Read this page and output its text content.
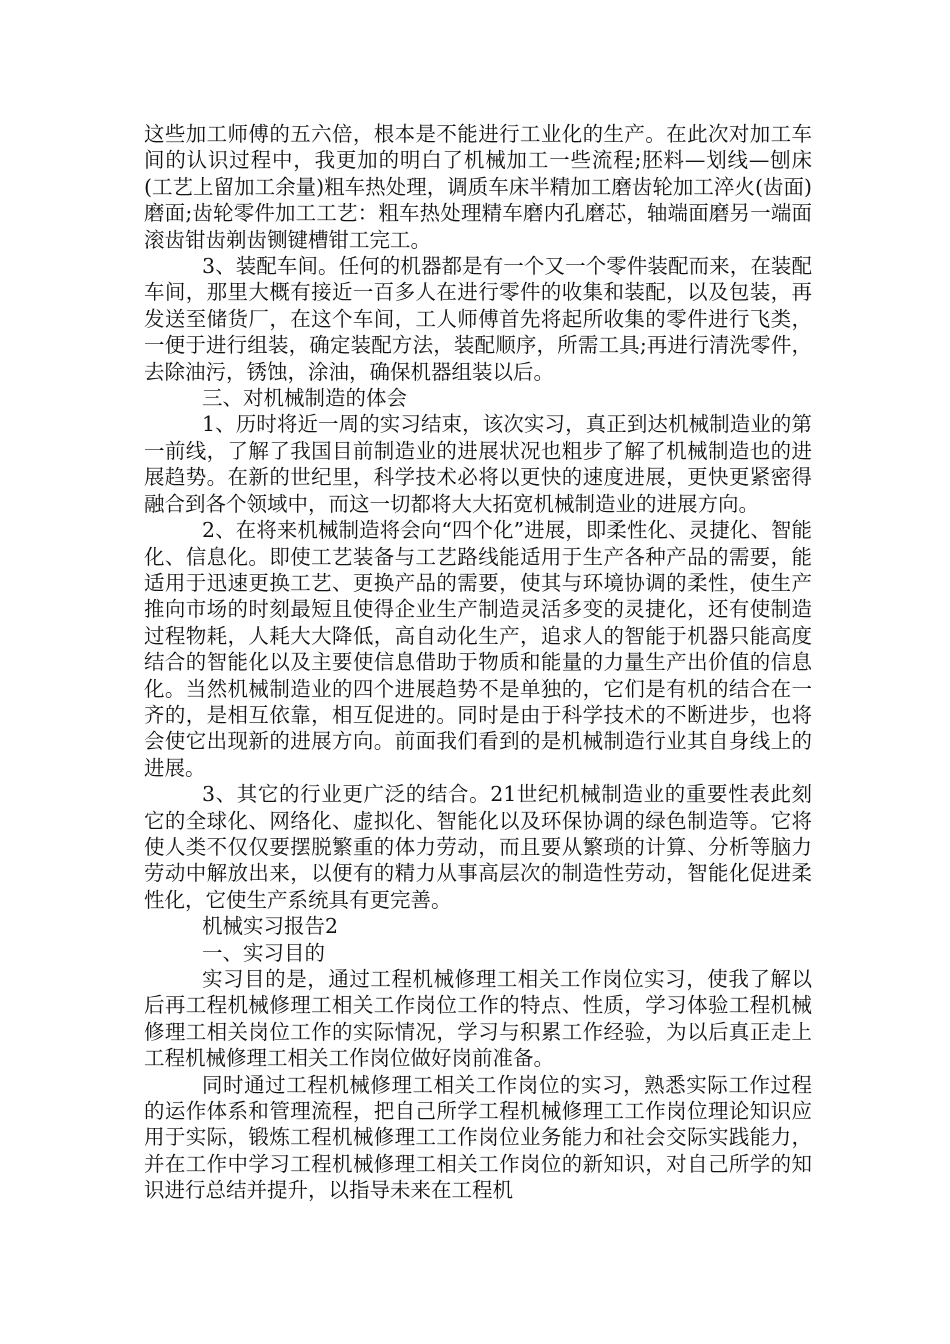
这些加工师傅的五六倍，根本是不能进行工业化的生产。在此次对加工车间的认识过程中，我更加的明白了机械加工一些流程;胚料—划线—刨床(工艺上留加工余量)粗车热处理，调质车床半精加工磨齿轮加工淬火(齿面)磨面;齿轮零件加工工艺：粗车热处理精车磨内孔磨芯，轴端面磨另一端面滚齿钳齿剃齿铡键槽钳工完工。

3、装配车间。任何的机器都是有一个又一个零件装配而来，在装配车间，那里大概有接近一百多人在进行零件的收集和装配，以及包装，再发送至储货厂，在这个车间，工人师傅首先将起所收集的零件进行飞类，一便于进行组装，确定装配方法，装配顺序，所需工具;再进行清洗零件，去除油污，锈蚀，涂油，确保机器组装以后。

三、对机械制造的体会

1、历时将近一周的实习结束，该次实习，真正到达机械制造业的第一前线，了解了我国目前制造业的进展状况也粗步了解了机械制造也的进展趋势。在新的世纪里，科学技术必将以更快的速度进展，更快更紧密得融合到各个领域中，而这一切都将大大拓宽机械制造业的进展方向。

2、在将来机械制造将会向“四个化”进展，即柔性化、灵捷化、智能化、信息化。即使工艺装备与工艺路线能适用于生产各种产品的需要，能适用于迅速更换工艺、更换产品的需要，使其与环境协调的柔性，使生产推向市场的时刻最短且使得企业生产制造灵活多变的灵捷化，还有使制造过程物耗，人耗大大降低，高自动化生产，追求人的智能于机器只能高度结合的智能化以及主要使信息借助于物质和能量的力量生产出价值的信息化。当然机械制造业的四个进展趋势不是单独的，它们是有机的结合在一齐的，是相互依靠，相互促进的。同时是由于科学技术的不断进步，也将会使它出现新的进展方向。前面我们看到的是机械制造行业其自身线上的进展。

3、其它的行业更广泛的结合。21世纪机械制造业的重要性表此刻它的全球化、网络化、虚拟化、智能化以及环保协调的绿色制造等。它将使人类不仅仅要摆脱繁重的体力劳动，而且要从繁琐的计算、分析等脑力劳动中解放出来，以便有的精力从事高层次的制造性劳动，智能化促进柔性化，它使生产系统具有更完善。

机械实习报告2

一、实习目的

实习目的是，通过工程机械修理工相关工作岗位实习，使我了解以后再工程机械修理工相关工作岗位工作的特点、性质，学习体验工程机械修理工相关岗位工作的实际情况，学习与积累工作经验，为以后真正走上工程机械修理工相关工作岗位做好岗前准备。

同时通过工程机械修理工相关工作岗位的实习，熟悉实际工作过程的运作体系和管理流程，把自己所学工程机械修理工工作岗位理论知识应用于实际，锻炼工程机械修理工工作岗位业务能力和社会交际实践能力，并在工作中学习工程机械修理工相关工作岗位的新知识，对自己所学的知识进行总结并提升，以指导未来在工程机
